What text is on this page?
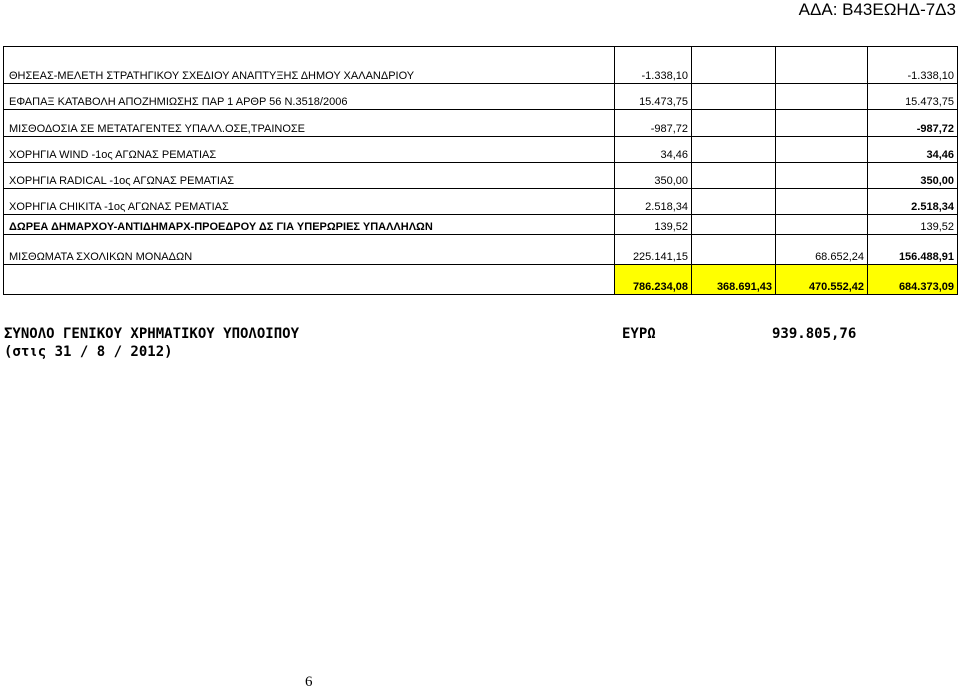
ΑΔΑ: Β43ΕΩΗΔ-7Δ3
ΘΗΣΕΑΣ-ΜΕΛΕΤΗ ΣΤΡΑΤΗΓΙΚΟΥ ΣΧΕΔΙΟΥ ΑΝΑΠΤΥΞΗΣ ΔΗΜΟΥ ΧΑΛΑΝΔΡΙΟΥ	-1.338,10			-1.338,10
ΕΦΑΠΑΞ ΚΑΤΑΒΟΛΗ ΑΠΟΖΗΜΙΩΣΗΣ ΠΑΡ 1 ΑΡΘΡ 56 Ν.3518/2006	15.473,75			15.473,75
ΜΙΣΘΟΔΟΣΙΑ ΣΕ ΜΕΤΑΤΑΓΕΝΤΕΣ ΥΠΑΛΛ.ΟΣΕ,ΤΡΑΙΝΟΣΕ	-987,72			-987,72
ΧΟΡΗΓΙΑ WIND -1ος ΑΓΩΝΑΣ ΡΕΜΑΤΙΑΣ	34,46			34,46
ΧΟΡΗΓΙΑ RADICAL -1ος ΑΓΩΝΑΣ ΡΕΜΑΤΙΑΣ	350,00			350,00
ΧΟΡΗΓΙΑ CHIKITA -1ος ΑΓΩΝΑΣ ΡΕΜΑΤΙΑΣ	2.518,34			2.518,34
ΔΩΡΕΑ ΔΗΜΑΡΧΟΥ-ΑΝΤΙΔΗΜΑΡΧ-ΠΡΟΕΔΡΟΥ ΔΣ ΓΙΑ ΥΠΕΡΩΡΙΕΣ ΥΠΑΛΛΗΛΩΝ	139,52			139,52
ΜΙΣΘΩΜΑΤΑ ΣΧΟΛΙΚΩΝ ΜΟΝΑΔΩΝ	225.141,15		68.652,24	156.488,91
	786.234,08	368.691,43	470.552,42	684.373,09
ΣΥΝΟΛΟ ΓΕΝΙΚΟΥ ΧΡΗΜΑΤΙΚΟΥ ΥΠΟΛΟΙΠΟΥ	ΕΥΡΩ	939.805,76
(στις 31 / 8 / 2012)
6
